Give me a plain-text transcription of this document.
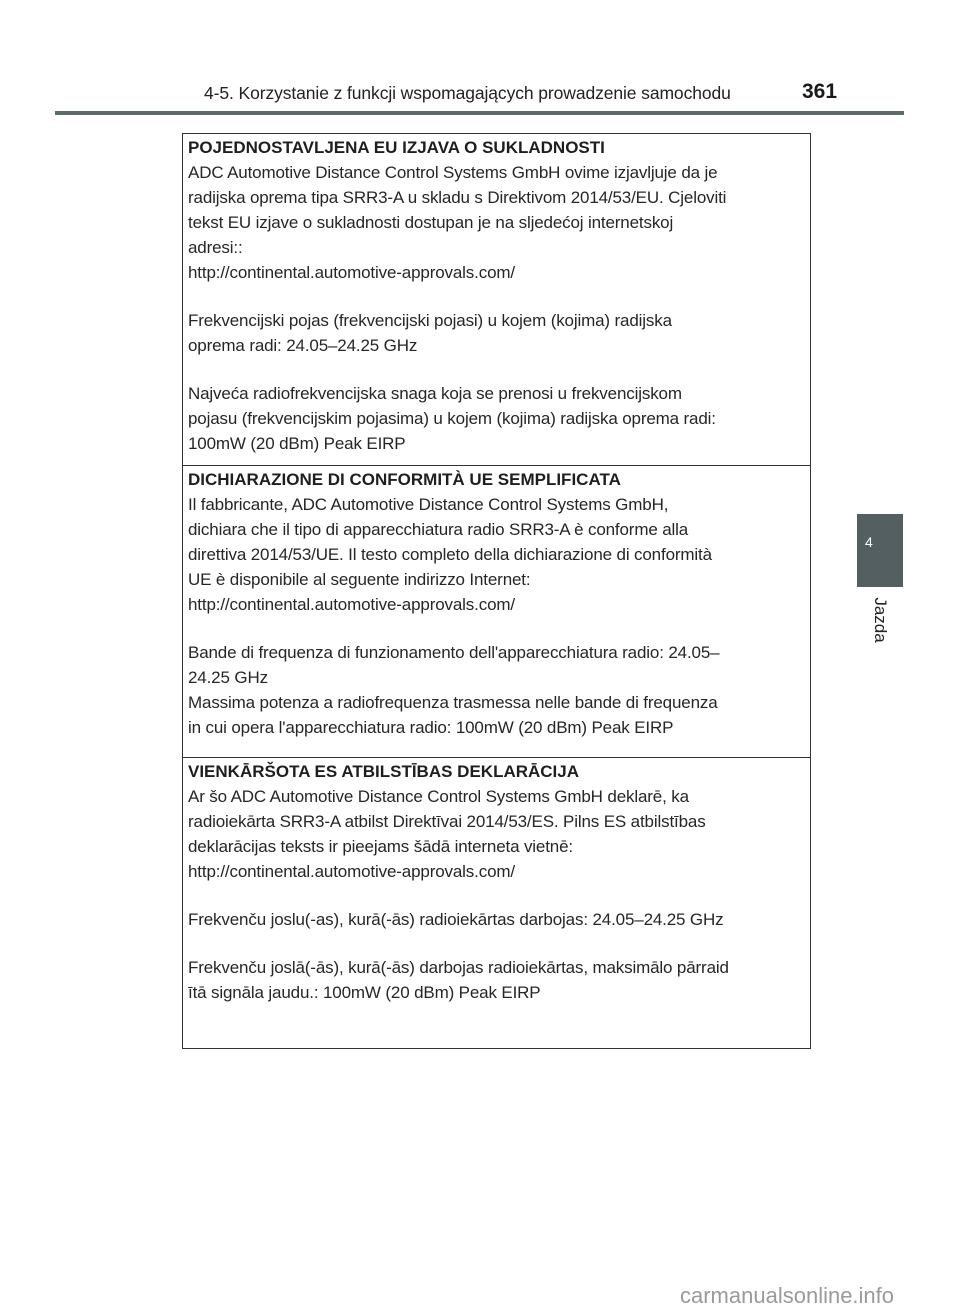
4-5. Korzystanie z funkcji wspomagających prowadzenie samochodu	361
POJEDNOSTAVLJENA EU IZJAVA O SUKLADNOSTI
ADC Automotive Distance Control Systems GmbH ovime izjavljuje da je
radijska oprema tipa SRR3-A u skladu s Direktivom 2014/53/EU. Cjeloviti
tekst EU izjave o sukladnosti dostupan je na sljedećoj internetskoj
adresi::
http://continental.automotive-approvals.com/
Frekvencijski pojas (frekvencijski pojasi) u kojem (kojima) radijska
oprema radi: 24.05–24.25 GHz
Najveća radiofrekvencijska snaga koja se prenosi u frekvencijskom
pojasu (frekvencijskim pojasima) u kojem (kojima) radijska oprema radi:
100mW (20 dBm) Peak EIRP
DICHIARAZIONE DI CONFORMITÀ UE SEMPLIFICATA
Il fabbricante, ADC Automotive Distance Control Systems GmbH,
dichiara che il tipo di apparecchiatura radio SRR3-A è conforme alla
direttiva 2014/53/UE. Il testo completo della dichiarazione di conformità
UE è disponibile al seguente indirizzo Internet:
http://continental.automotive-approvals.com/
Bande di frequenza di funzionamento dell'apparecchiatura radio: 24.05–
24.25 GHz
Massima potenza a radiofrequenza trasmessa nelle bande di frequenza
in cui opera l'apparecchiatura radio: 100mW (20 dBm) Peak EIRP
VIENKĀRŠOTA ES ATBILSTĪBAS DEKLARĀCIJA
Ar šo ADC Automotive Distance Control Systems GmbH deklarē, ka
radioiekārta SRR3-A atbilst Direktīvai 2014/53/ES. Pilns ES atbilstības
deklarācijas teksts ir pieejams šādā interneta vietnē:
http://continental.automotive-approvals.com/
Frekvenču joslu(-as), kurā(-ās) radioiekārtas darbojas: 24.05–24.25 GHz
Frekvenču joslā(-ās), kurā(-ās) darbojas radioiekārtas, maksimālo pārraid
ītā signāla jaudu.: 100mW (20 dBm) Peak EIRP
4
Jazda
carmanualsonline.info
